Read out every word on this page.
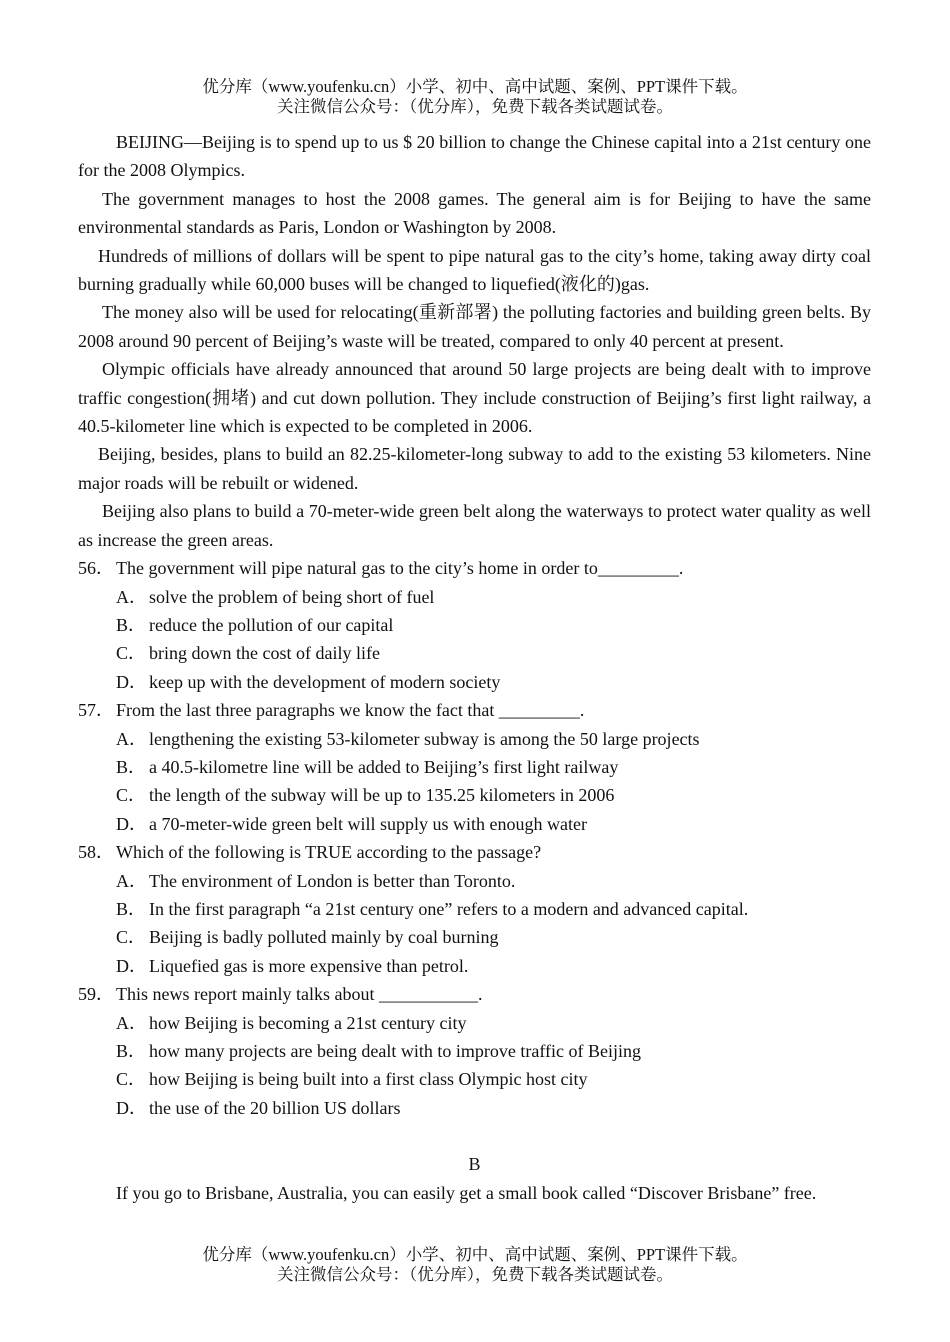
优分库（www.youfenku.cn）小学、初中、高中试题、案例、PPT课件下载。
关注微信公众号：（优分库），免费下载各类试题试卷。

BEIJING—Beijing is to spend up to us $ 20 billion to change the Chinese capital into a 21st century one for the 2008 Olympics.

The government manages to host the 2008 games. The general aim is for Beijing to have the same environmental standards as Paris, London or Washington by 2008.

Hundreds of millions of dollars will be spent to pipe natural gas to the city’s home, taking away dirty coal burning gradually while 60,000 buses will be changed to liquefied(液化的)gas.

The money also will be used for relocating(重新部署) the polluting factories and building green belts. By 2008 around 90 percent of Beijing’s waste will be treated, compared to only 40 percent at present.

Olympic officials have already announced that around 50 large projects are being dealt with to improve traffic congestion(拥堵) and cut down pollution. They include construction of Beijing’s first light railway, a 40.5-kilometer line which is expected to be completed in 2006.

Beijing, besides, plans to build an 82.25-kilometer-long subway to add to the existing 53 kilometers. Nine major roads will be rebuilt or widened.

Beijing also plans to build a 70-meter-wide green belt along the waterways to protect water quality as well as increase the green areas.

56． The government will pipe natural gas to the city’s home in order to_________.

A． solve the problem of being short of fuel

B． reduce the pollution of our capital

C． bring down the cost of daily life

D． keep up with the development of modern society

57． From the last three paragraphs we know the fact that _________.

A． lengthening the existing 53-kilometer subway is among the 50 large projects

B． a 40.5-kilometre line will be added to Beijing’s first light railway

C． the length of the subway will be up to 135.25 kilometers in 2006

D． a 70-meter-wide green belt will supply us with enough water

58． Which of the following is TRUE according to the passage?

A． The environment of London is better than Toronto.

B． In the first paragraph “a 21st century one” refers to a modern and advanced capital.

C． Beijing is badly polluted mainly by coal burning

D． Liquefied gas is more expensive than petrol.

59． This news report mainly talks about ___________.

A． how Beijing is becoming a 21st century city

B． how many projects are being dealt with to improve traffic of Beijing

C． how Beijing is being built into a first class Olympic host city

D． the use of the 20 billion US dollars

B

If you go to Brisbane, Australia, you can easily get a small book called “Discover Brisbane” free.

优分库（www.youfenku.cn）小学、初中、高中试题、案例、PPT课件下载。
关注微信公众号：（优分库），免费下载各类试题试卷。
